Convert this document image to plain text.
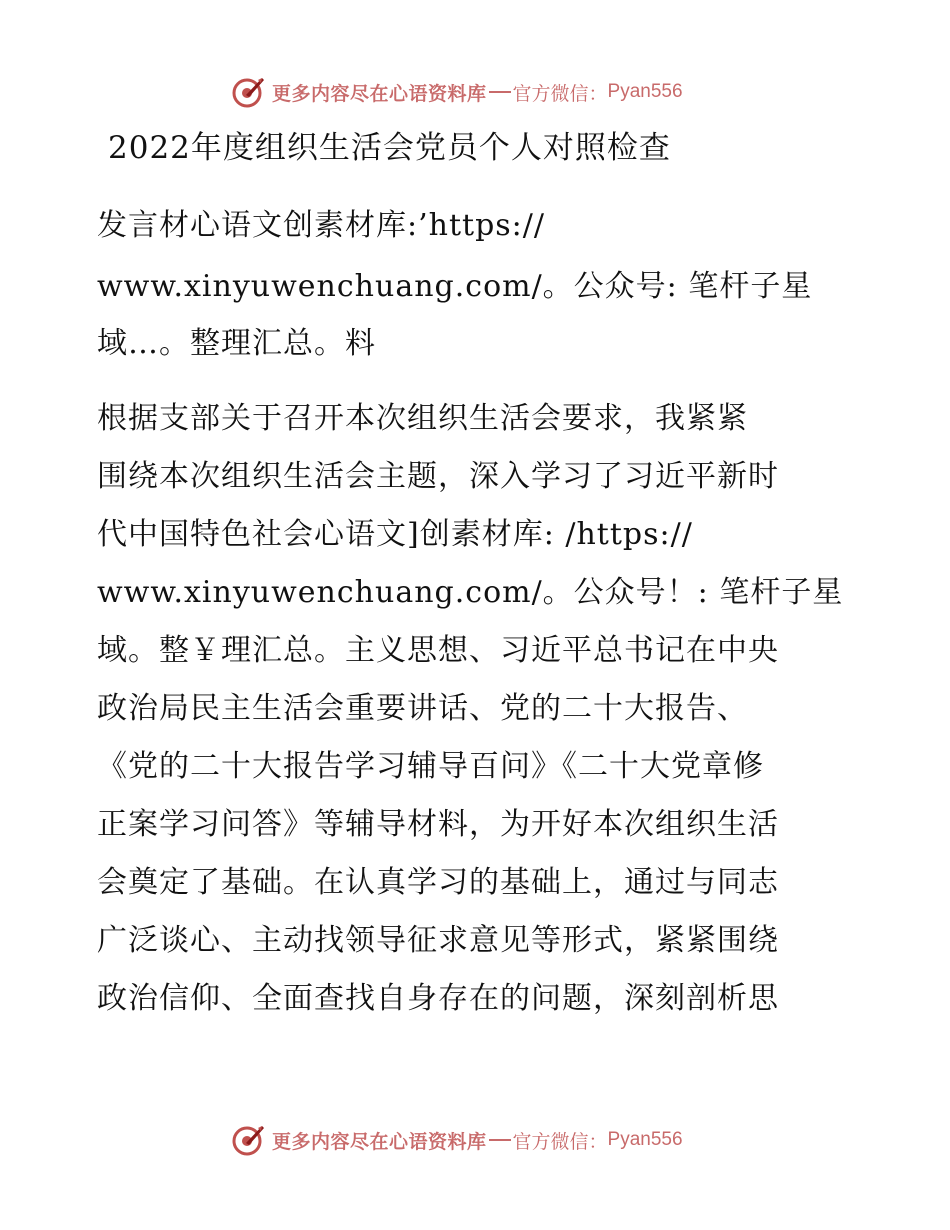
更多内容尽在心语资料库 官方微信： Pyan556
2022年度组织生活会党员个人对照检查
发言材心语文创素材库:’https://
www.xinyuwenchuang.com/。公众号: 笔杆子星
域…。整理汇总。料
根据支部关于召开本次组织生活会要求，我紧紧
围绕本次组织生活会主题，深入学习了习近平新时
代中国特色社会心语文]创素材库: /https://
www.xinyuwenchuang.com/。公众号！: 笔杆子星
域。整￥理汇总。主义思想、习近平总书记在中央
政治局民主生活会重要讲话、党的二十大报告、
《党的二十大报告学习辅导百问》《二十大党章修
正案学习问答》等辅导材料，为开好本次组织生活
会奠定了基础。在认真学习的基础上，通过与同志
广泛谈心、主动找领导征求意见等形式，紧紧围绕
政治信仰、全面查找自身存在的问题，深刻剖析思
更多内容尽在心语资料库 官方微信： Pyan556
